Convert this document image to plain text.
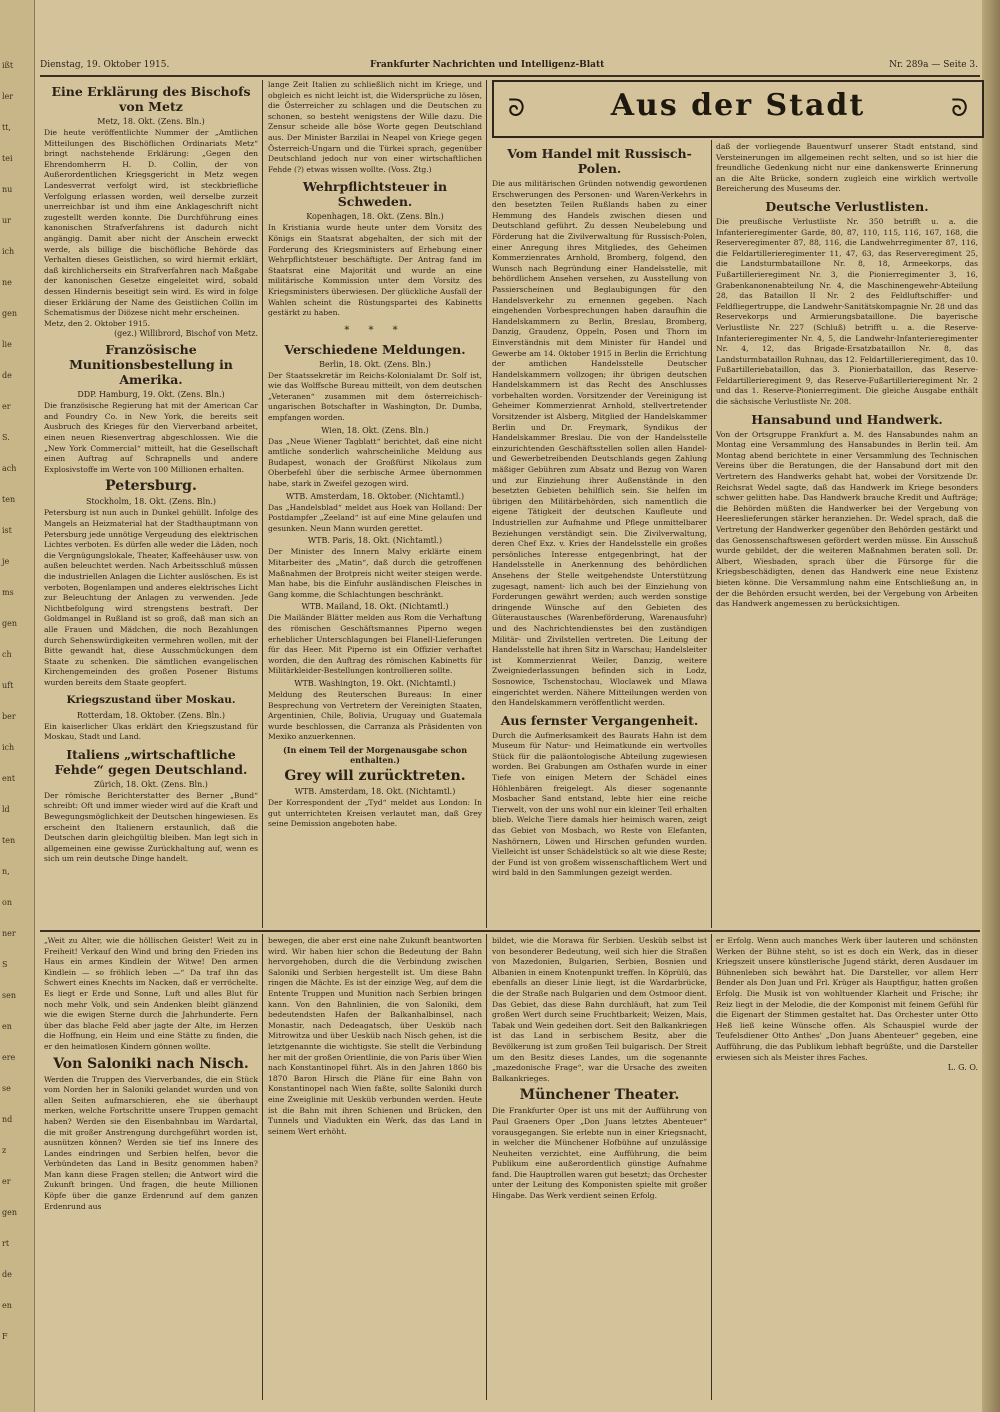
ißt
ler
tt,
tei
nu
ur
ich
ne
gen
lie
de
er
S.
ach
ten
ist
je
ms
gen
ch
uft
ber
ich
ent
ld
ten
n,
on
ner
S
sen
en
ere
se
nd
z
er
gen
rt
de
en
F
Dienstag, 19. Oktober 1915.	Frankfurter Nachrichten und Intelligenz-Blatt	Nr. 289a — Seite 3.
Eine Erklärung des Bischofs von Metz
Metz, 18. Okt. (Zens. Bln.)
Die heute veröffentlichte Nummer der „Amtlichen Mitteilungen des Bischöflichen Ordinariats Metz“ bringt nachstehende Erklärung: „Gegen den Ehrendomherrn H. D. Collin, der von Außerordentlichen Kriegsgericht in Metz wegen Landesverrat verfolgt wird, ist steckbriefliche Verfolgung erlassen worden, weil derselbe zurzeit unerreichbar ist und ihm eine Anklageschrift nicht zugestellt werden konnte. Die Durchführung eines kanonischen Strafverfahrens ist dadurch nicht angängig. Damit aber nicht der Anschein erweckt werde, als billige die bischöfliche Behörde das Verhalten dieses Geistlichen, so wird hiermit erklärt, daß kirchlicherseits ein Strafverfahren nach Maßgabe der kanonischen Gesetze eingeleitet wird, sobald dessen Hindernis beseitigt sein wird. Es wird in folge dieser Erklärung der Name des Geistlichen Collin im Schematismus der Diözese nicht mehr erscheinen.
Metz, den 2. Oktober 1915.
(gez.) Willibrord, Bischof von Metz.
Französische Munitionsbestellung in Amerika.
DDP. Hamburg, 19. Okt. (Zens. Bln.)
Die französische Regierung hat mit der American Car and Foundry Co. in New York, die bereits seit Ausbruch des Krieges für den Vierverband arbeitet, einen neuen Riesenvertrag abgeschlossen. Wie die „New York Commercial“ mitteilt, hat die Gesellschaft einen Auftrag auf Schrapnells und andere Explosivstoffe im Werte von 100 Millionen erhalten.
Petersburg.
Stockholm, 18. Okt. (Zens. Bln.)
Petersburg ist nun auch in Dunkel gehüllt. Infolge des Mangels an Heizmaterial hat der Stadthauptmann von Petersburg jede unnötige Vergeudung des elektrischen Lichtes verboten. Es dürfen alle weder die Läden, noch die Vergnügungslokale, Theater, Kaffeehäuser usw. von außen beleuchtet werden. Nach Arbeitsschluß müssen die industriellen Anlagen die Lichter auslöschen. Es ist verboten, Bogenlampen und anderes elektrisches Licht zur Beleuchtung der Anlagen zu verwenden. Jede Nichtbefolgung wird strengstens bestraft. Der Goldmangel in Rußland ist so groß, daß man sich an alle Frauen und Mädchen, die noch Bezahlungen durch Sehenswürdigkeiten vermehren wollen, mit der Bitte gewandt hat, diese Ausschmückungen dem Staate zu schenken. Die sämtlichen evangelischen Kirchengemeinden des großen Posener Bistums wurden bereits dem Staate geopfert.
Kriegszustand über Moskau.
Rotterdam, 18. Oktober. (Zens. Bln.)
Ein kaiserlicher Ukas erklärt den Kriegszustand für Moskau, Stadt und Land.
Italiens „wirtschaftliche Fehde“ gegen Deutschland.
Zürich, 18. Okt. (Zens. Bln.)
Der römische Berichterstatter des Berner „Bund“ schreibt: Oft und immer wieder wird auf die Kraft und Bewegungsmöglichkeit der Deutschen hingewiesen. Es erscheint den Italienern erstaunlich, daß die Deutschen darin gleichgültig bleiben. Man legt sich in allgemeinen eine gewisse Zurückhaltung auf, wenn es sich um rein deutsche Dinge handelt.
lange Zeit Italien zu schließlich nicht im Kriege, und obgleich es nicht leicht ist, die Widersprüche zu lösen, die Österreicher zu schlagen und die Deutschen zu schonen, so besteht wenigstens der Wille dazu. Die Zensur scheide alle böse Worte gegen Deutschland aus. Der Minister Barzilai in Neapel von Kriege gegen Österreich-Ungarn und die Türkei sprach, gegenüber Deutschland jedoch nur von einer wirtschaftlichen Fehde (?) etwas wissen wollte. (Voss. Ztg.)
Wehrpflichtsteuer in Schweden.
Kopenhagen, 18. Okt. (Zens. Bln.)
In Kristiania wurde heute unter dem Vorsitz des Königs ein Staatsrat abgehalten, der sich mit der Forderung des Kriegsministers auf Erhebung einer Wehrpflichtsteuer beschäftigte. Der Antrag fand im Staatsrat eine Majorität und wurde an eine militärische Kommission unter dem Vorsitz des Kriegsministers überwiesen. Der glückliche Ausfall der Wahlen scheint die Rüstungspartei des Kabinetts gestärkt zu haben.
* * *
Verschiedene Meldungen.
Berlin, 18. Okt. (Zens. Bln.)
Der Staatssekretär im Reichs-Kolonialamt Dr. Solf ist, wie das Wolffsche Bureau mitteilt, von dem deutschen „Veteranen“ zusammen mit dem österreichisch-ungarischen Botschafter in Washington, Dr. Dumba, empfangen worden.
Wien, 18. Okt. (Zens. Bln.)
Das „Neue Wiener Tagblatt“ berichtet, daß eine nicht amtliche sonderlich wahrscheinliche Meldung aus Budapest, wonach der Großfürst Nikolaus zum Oberbefehl über die serbische Armee übernommen habe, stark in Zweifel gezogen wird.
WTB. Amsterdam, 18. Oktober. (Nichtamtl.)
Das „Handelsblad“ meldet aus Hoek van Holland: Der Postdampfer „Zeeland“ ist auf eine Mine gelaufen und gesunken. Neun Mann wurden gerettet.
WTB. Paris, 18. Okt. (Nichtamtl.)
Der Minister des Innern Malvy erklärte einem Mitarbeiter des „Matin“, daß durch die getroffenen Maßnahmen der Brotpreis nicht weiter steigen werde. Man habe, bis die Einfuhr ausländischen Fleisches in Gang komme, die Schlachtungen beschränkt.
WTB. Mailand, 18. Okt. (Nichtamtl.)
Die Mailänder Blätter melden aus Rom die Verhaftung des römischen Geschäftsmannes Piperno wegen erheblicher Unterschlagungen bei Flanell-Lieferungen für das Heer. Mit Piperno ist ein Offizier verhaftet worden, die den Auftrag des römischen Kabinetts für Militärkleider-Bestellungen kontrollieren sollte.
WTB. Washington, 19. Okt. (Nichtamtl.)
Meldung des Reuterschen Bureaus: In einer Besprechung von Vertretern der Vereinigten Staaten, Argentinien, Chile, Bolivia, Uruguay und Guatemala wurde beschlossen, die Carranza als Präsidenten von Mexiko anzuerkennen.
(In einem Teil der Morgenausgabe schon enthalten.)
Grey will zurücktreten.
WTB. Amsterdam, 18. Okt. (Nichtamtl.)
Der Korrespondent der „Tyd“ meldet aus London: In gut unterrichteten Kreisen verlautet man, daß Grey seine Demission angeboten habe.
ᘐ	Aus der Stadt	ᘐ
Vom Handel mit Russisch-Polen.
Die aus militärischen Gründen notwendig gewordenen Erschwerungen des Personen- und Waren-Verkehrs in den besetzten Teilen Rußlands haben zu einer Hemmung des Handels zwischen diesen und Deutschland geführt. Zu dessen Neubelebung und Förderung hat die Zivilverwaltung für Russisch-Polen, einer Anregung ihres Mitgliedes, des Geheimen Kommerzienrates Arnhold, Bromberg, folgend, den Wunsch nach Begründung einer Handelsstelle, mit behördlichem Ansehen versehen, zu Ausstellung von Passierscheinen und Beglaubigungen für den Handelsverkehr zu ernennen gegeben. Nach eingehenden Vorbesprechungen haben daraufhin die Handelskammern zu Berlin, Breslau, Bromberg, Danzig, Graudenz, Oppeln, Posen und Thorn im Einverständnis mit dem Minister für Handel und Gewerbe am 14. Oktober 1915 in Berlin die Errichtung der amtlichen Handelsstelle Deutscher Handelskammern vollzogen; ihr übrigen deutschen Handelskammern ist das Recht des Anschlusses vorbehalten worden. Vorsitzender der Vereinigung ist Geheimer Kommerzienrat Arnhold, stellvertretender Vorsitzender ist Alsberg, Mitglied der Handelskammer Berlin und Dr. Freymark, Syndikus der Handelskammer Breslau. Die von der Handelsstelle einzurichtenden Geschäftsstellen sollen allen Handel- und Gewerbetreibenden Deutschlands gegen Zahlung mäßiger Gebühren zum Absatz und Bezug von Waren und zur Einziehung ihrer Außenstände in den besetzten Gebieten behilflich sein. Sie helfen im übrigen den Militärbehörden, sich namentlich die eigene Tätigkeit der deutschen Kaufleute und Industriellen zur Aufnahme und Pflege unmittelbarer Beziehungen verständigt sein. Die Zivilverwaltung, deren Chef Exz. v. Kries der Handelsstelle ein großes persönliches Interesse entgegenbringt, hat der Handelsstelle in Anerkennung des behördlichen Ansehens der Stelle weitgehendste Unterstützung zugesagt, nament- lich auch bei der Einziehung von Forderungen gewährt werden; auch werden sonstige dringende Wünsche auf den Gebieten des Güteraustausches (Warenbeförderung, Warenausfuhr) und des Nachrichtendienstes bei den zuständigen Militär- und Zivilstellen vertreten. Die Leitung der Handelsstelle hat ihren Sitz in Warschau; Handelsleiter ist Kommerzienrat Weiler, Danzig, weitere Zweigniederlassungen befinden sich in Lodz, Sosnowice, Tschenstochau, Wloclawek und Mlawa eingerichtet werden. Nähere Mitteilungen werden von den Handelskammern veröffentlicht werden.
Aus fernster Vergangenheit.
Durch die Aufmerksamkeit des Baurats Hahn ist dem Museum für Natur- und Heimatkunde ein wertvolles Stück für die paläontologische Abteilung zugewiesen worden. Bei Grabungen am Osthafen wurde in einer Tiefe von einigen Metern der Schädel eines Höhlenbären freigelegt. Als dieser sogenannte Mosbacher Sand entstand, lebte hier eine reiche Tierwelt, von der uns wohl nur ein kleiner Teil erhalten blieb. Welche Tiere damals hier heimisch waren, zeigt das Gebiet von Mosbach, wo Reste von Elefanten, Nashörnern, Löwen und Hirschen gefunden wurden. Vielleicht ist unser Schädelstück so alt wie diese Reste; der Fund ist von großem wissenschaftlichem Wert und wird bald in den Sammlungen gezeigt werden.
daß der vorliegende Bauentwurf unserer Stadt entstand, sind Versteinerungen im allgemeinen recht selten, und so ist hier die freundliche Gedenkung nicht nur eine dankenswerte Erinnerung an die Alte Brücke, sondern zugleich eine wirklich wertvolle Bereicherung des Museums der.
Deutsche Verlustlisten.
Die preußische Verlustliste Nr. 350 betrifft u. a. die Infanterieregimenter Garde, 80, 87, 110, 115, 116, 167, 168, die Reserveregimenter 87, 88, 116, die Landwehrregimenter 87, 116, die Feldartillerieregimenter 11, 47, 63, das Reserveregiment 25, die Landsturmbataillone Nr. 8, 18, Armeekorps, das Fußartillerieregiment Nr. 3, die Pionierregimenter 3, 16, Grabenkanonenabteilung Nr. 4, die Maschinengewehr-Abteilung 28, das Bataillon II Nr. 2 des Feldluftschiffer- und Feldfliegertruppe, die Landwehr-Sanitätskompagnie Nr. 28 und das Reservekorps und Armierungsbataillone. Die bayerische Verlustliste Nr. 227 (Schluß) betrifft u. a. die Reserve-Infanterieregimenter Nr. 4, 5, die Landwehr-Infanterieregimenter Nr. 4, 12, das Brigade-Ersatzbataillon Nr. 8, das Landsturmbataillon Ruhnau, das 12. Feldartillerieregiment, das 10. Fußartilleriebataillon, das 3. Pionierbataillon, das Reserve-Feldartillerieregiment 9, das Reserve-Fußartillerieregiment Nr. 2 und das 1. Reserve-Pionierregiment. Die gleiche Ausgabe enthält die sächsische Verlustliste Nr. 208.
Hansabund und Handwerk.
Von der Ortsgruppe Frankfurt a. M. des Hansabundes nahm an Montag eine Versammlung des Hansabundes in Berlin teil. Am Montag abend berichtete in einer Versammlung des Technischen Vereins über die Beratungen, die der Hansabund dort mit den Vertretern des Handwerks gehabt hat, wobei der Vorsitzende Dr. Reichsrat Wedel sagte, daß das Handwerk im Kriege besonders schwer gelitten habe. Das Handwerk brauche Kredit und Aufträge; die Behörden müßten die Handwerker bei der Vergebung von Heereslieferungen stärker heranziehen. Dr. Wedel sprach, daß die Vertretung der Handwerker gegenüber den Behörden gestärkt und das Genossenschaftswesen gefördert werden müsse. Ein Ausschuß wurde gebildet, der die weiteren Maßnahmen beraten soll. Dr. Albert, Wiesbaden, sprach über die Fürsorge für die Kriegsbeschädigten, denen das Handwerk eine neue Existenz bieten könne. Die Versammlung nahm eine Entschließung an, in der die Behörden ersucht werden, bei der Vergebung von Arbeiten das Handwerk angemessen zu berücksichtigen.
„Weit zu Alter, wie die höllischen Geister! Weit zu in Freiheit! Verkauf den Wind und bring den Frieden ins Haus ein armes Kindlein der Witwe! Den armen Kindlein — so fröhlich leben —“ Da traf ihn das Schwert eines Knechts im Nacken, daß er verröchelte. Es liegt er Erde und Sonne, Luft und alles Blut für noch mehr Volk, und sein Andenken bleibt glänzend wie die ewigen Sterne durch die Jahrhunderte. Fern über das blache Feld aber jagte der Alte, im Herzen die Hoffnung, ein Heim und eine Stätte zu finden, die er den heimatlosen Kindern gönnen wollte.
Von Saloniki nach Nisch.
Werden die Truppen des Vierverbandes, die ein Stück vom Norden her in Saloniki gelandet wurden und von allen Seiten aufmarschieren, ehe sie überhaupt merken, welche Fortschritte unsere Truppen gemacht haben? Werden sie den Eisenbahnbau im Wardartal, die mit großer Anstrengung durchgeführt worden ist, ausnützen können? Werden sie tief ins Innere des Landes eindringen und Serbien helfen, bevor die Verbündeten das Land in Besitz genommen haben? Man kann diese Fragen stellen; die Antwort wird die Zukunft bringen. Und fragen, die heute Millionen Köpfe über die ganze Erdenrund auf dem ganzen Erdenrund aus
bewegen, die aber erst eine nahe Zukunft beantworten wird. Wir haben hier schon die Bedeutung der Bahn hervorgehoben, durch die die Verbindung zwischen Saloniki und Serbien hergestellt ist. Um diese Bahn ringen die Mächte. Es ist der einzige Weg, auf dem die Entente Truppen und Munition nach Serbien bringen kann. Von den Bahnlinien, die von Saloniki, dem bedeutendsten Hafen der Balkanhalbinsel, nach Monastir, nach Dedeagatsch, über Uesküb nach Mitrowitza und über Uesküb nach Nisch gehen, ist die letztgenannte die wichtigste. Sie stellt die Verbindung her mit der großen Orientlinie, die von Paris über Wien nach Konstantinopel führt. Als in den Jahren 1860 bis 1870 Baron Hirsch die Pläne für eine Bahn von Konstantinopel nach Wien faßte, sollte Saloniki durch eine Zweiglinie mit Uesküb verbunden werden. Heute ist die Bahn mit ihren Schienen und Brücken, den Tunnels und Viadukten ein Werk, das das Land in seinem Wert erhöht.
bildet, wie die Morawa für Serbien. Uesküb selbst ist von besonderer Bedeutung, weil sich hier die Straßen von Mazedonien, Bulgarien, Serbien, Bosnien und Albanien in einem Knotenpunkt treffen. In Köprülü, das ebenfalls an dieser Linie liegt, ist die Wardarbrücke, die der Straße nach Bulgarien und dem Ostmoor dient. Das Gebiet, das diese Bahn durchläuft, hat zum Teil großen Wert durch seine Fruchtbarkeit; Weizen, Mais, Tabak und Wein gedeihen dort. Seit den Balkankriegen ist das Land in serbischem Besitz, aber die Bevölkerung ist zum großen Teil bulgarisch. Der Streit um den Besitz dieses Landes, um die sogenannte „mazedonische Frage“, war die Ursache des zweiten Balkankrieges.
Münchener Theater.
Die Frankfurter Oper ist uns mit der Aufführung von Paul Graeners Oper „Don Juans letztes Abenteuer“ vorausgegangen. Sie erlebte nun in einer Kriegsnacht, in welcher die Münchener Hofbühne auf unzulässige Neuheiten verzichtet, eine Aufführung, die beim Publikum eine außerordentlich günstige Aufnahme fand. Die Hauptrollen waren gut besetzt; das Orchester unter der Leitung des Komponisten spielte mit großer Hingabe. Das Werk verdient seinen Erfolg.
er Erfolg. Wenn auch manches Werk über lauteren und schönsten Werken der Bühne steht, so ist es doch ein Werk, das in dieser Kriegszeit unsere künstlerische Jugend stärkt, deren Ausdauer im Bühnenleben sich bewährt hat. Die Darsteller, vor allem Herr Bender als Don Juan und Frl. Krüger als Hauptfigur, hatten großen Erfolg. Die Musik ist von wohltuender Klarheit und Frische; ihr Reiz liegt in der Melodie, die der Komponist mit feinem Gefühl für die Eigenart der Stimmen gestaltet hat. Das Orchester unter Otto Heß ließ keine Wünsche offen. Als Schauspiel wurde der Teufelsdiener Otto Anthes' „Don Juans Abenteuer“ gegeben, eine Aufführung, die das Publikum lebhaft begrüßte, und die Darsteller erwiesen sich als Meister ihres Faches.
L. G. O.
